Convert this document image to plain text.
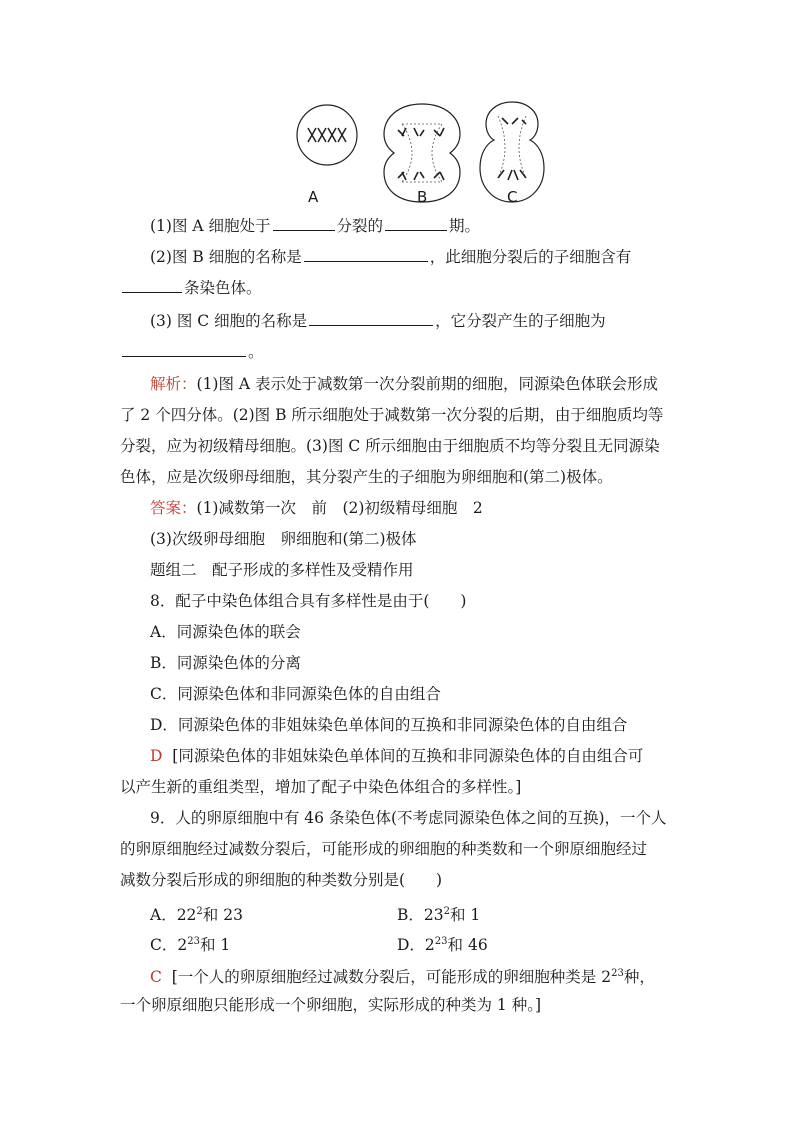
A	B	C
(1)图 A 细胞处于	分裂的	期。
(2)图 B 细胞的名称是	，此细胞分裂后的子细胞含有
条染色体。
(3) 图 C 细胞的名称是	，它分裂产生的子细胞为
。
解析：(1)图 A 表示处于减数第一次分裂前期的细胞，同源染色体联会形成
了 2 个四分体。(2)图 B 所示细胞处于减数第一次分裂的后期，由于细胞质均等
分裂，应为初级精母细胞。(3)图 C 所示细胞由于细胞质不均等分裂且无同源染
色体，应是次级卵母细胞，其分裂产生的子细胞为卵细胞和(第二)极体。
答案：(1)减数第一次　前　(2)初级精母细胞　2
(3)次级卵母细胞　卵细胞和(第二)极体
题组二　配子形成的多样性及受精作用
8．配子中染色体组合具有多样性是由于(　　)
A．同源染色体的联会
B．同源染色体的分离
C．同源染色体和非同源染色体的自由组合
D．同源染色体的非姐妹染色单体间的互换和非同源染色体的自由组合
D [同源染色体的非姐妹染色单体间的互换和非同源染色体的自由组合可
以产生新的重组类型，增加了配子中染色体组合的多样性。]
9．人的卵原细胞中有 46 条染色体(不考虑同源染色体之间的互换)，一个人
的卵原细胞经过减数分裂后，可能形成的卵细胞的种类数和一个卵原细胞经过
减数分裂后形成的卵细胞的种类数分别是(　　)
A．$22^2$和 23	B．$23^2$和 1
C．$2^{23}$和 1	D．$2^{23}$和 46
C [一个人的卵原细胞经过减数分裂后，可能形成的卵细胞种类是 $2^{23}$种，
一个卵原细胞只能形成一个卵细胞，实际形成的种类为 1 种。]
